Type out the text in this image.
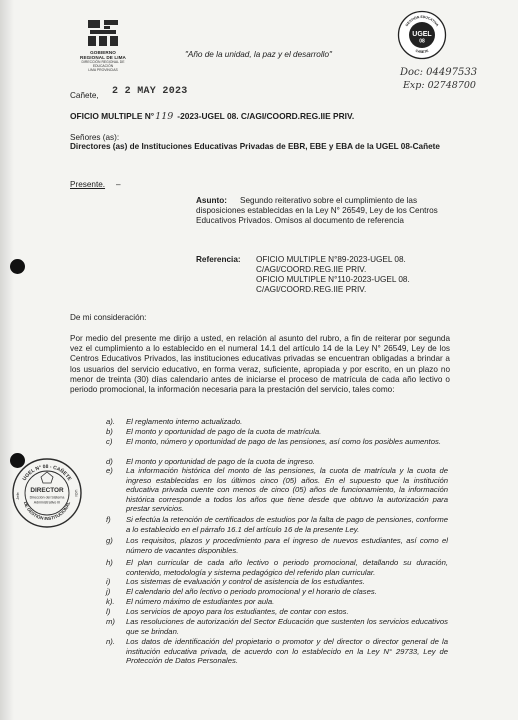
GOBIERNO REGIONAL DE LIMA
DIRECCIÓN REGIONAL DE EDUCACIÓN
LIMA PROVINCIAS
"Año de la unidad, la paz y el desarrollo"
GESTIÓN EDUCATIVA
CAÑETE
UGEL
08
Doc: 04497533
Exp: 02748700
Cañete, 2 2 MAY 2023
OFICIO MULTIPLE N°119 -2023-UGEL 08. C/AGI/COORD.REG.IIE PRIV.
Señores (as):
Directores (as) de Instituciones Educativas Privadas de EBR, EBE y EBA de la UGEL 08-Cañete
Presente. –
Asunto:	Segundo reiterativo sobre el cumplimiento de las disposiciones establecidas en la Ley N° 26549, Ley de los Centros Educativos Privados. Omisos al documento de referencia
Referencia: OFICIO MULTIPLE N°89-2023-UGEL 08.
C/AGI/COORD.REG.IIE PRIV.
OFICIO MULTIPLE N°110-2023-UGEL 08.
C/AGI/COORD.REG.IIE PRIV.
De mi consideración:
Por medio del presente me dirijo a usted, en relación al asunto del rubro, a fin de reiterar por segunda vez el cumplimiento a lo establecido en el numeral 14.1 del artículo 14 de la Ley N° 26549, Ley de los Centros Educativos Privados, las instituciones educativas privadas se encuentran obligadas a brindar a los usuarios del servicio educativo, en forma veraz, suficiente, apropiada y por escrito, en un plazo no menor de treinta (30) días calendario antes de iniciarse el proceso de matrícula de cada año lectivo o periodo promocional, la información necesaria para la prestación del servicio, tales como:
a). El reglamento interno actualizado.
b) El monto y oportunidad de pago de la cuota de matrícula.
c) El monto, número y oportunidad de pago de las pensiones, así como los posibles aumentos.
d) El monto y oportunidad de pago de la cuota de ingreso.
e) La información histórica del monto de las pensiones, la cuota de matrícula y la cuota de ingreso establecidas en los últimos cinco (05) años. En el supuesto que la institución educativa privada cuente con menos de cinco (05) años de funcionamiento, la información histórica corresponde a todos los años que tiene desde que obtuvo la autorización para prestar servicios.
f) Si efectúa la retención de certificados de estudios por la falta de pago de pensiones, conforme a lo establecido en el párrafo 16.1 del artículo 16 de la presente Ley.
g) Los requisitos, plazos y procedimiento para el ingreso de nuevos estudiantes, así como el número de vacantes disponibles.
h) El plan curricular de cada año lectivo o periodo promocional, detallando su duración, contenido, metodología y sistema pedagógico del referido plan curricular.
i) Los sistemas de evaluación y control de asistencia de los estudiantes.
j) El calendario del año lectivo o periodo promocional y el horario de clases.
k). El número máximo de estudiantes por aula.
l) Los servicios de apoyo para los estudiantes, de contar con estos.
m) Las resoluciones de autorización del Sector Educación que sustenten los servicios educativos que se brindan.
n). Los datos de identificación del propietario o promotor y del director o director general de la institución educativa privada, de acuerdo con lo establecido en la Ley N° 29733, Ley de Protección de Datos Personales.
UGEL N° 08 - CAÑETE
DE GESTIÓN INSTITUCIONAL
DIRECTOR
Dirección del Sistema
Administrativo III
Jefe	UGI
